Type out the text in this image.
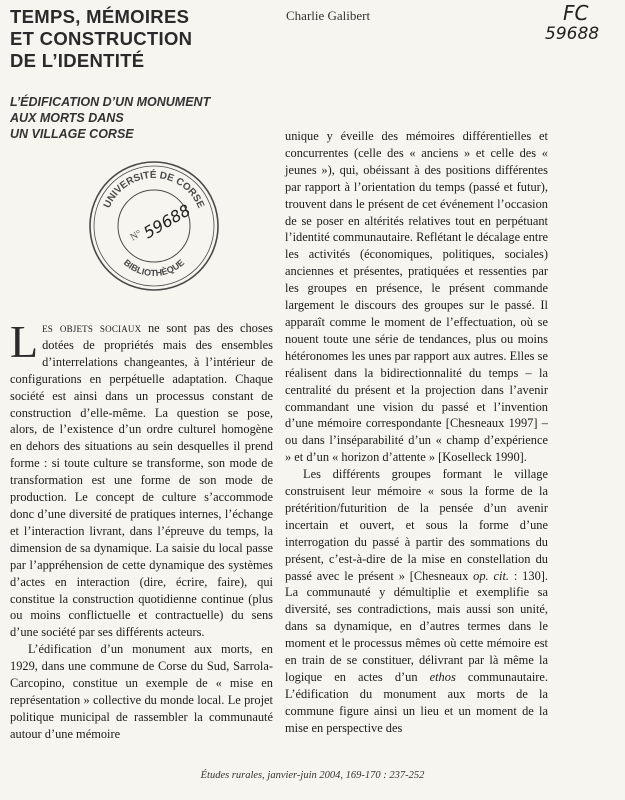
TEMPS, MÉMOIRES
ET CONSTRUCTION
DE L’IDENTITÉ
Charlie Galibert	FC
59688
L’ÉDIFICATION D’UN MONUMENT
AUX MORTS DANS
UN VILLAGE CORSE
UNIVERSITÉ DE CORSE
BIBLIOTHÈQUE
N°
59688

Les objets sociaux ne sont pas des choses dotées de propriétés mais des ensembles d’interrelations changeantes, à l’intérieur de configurations en perpétuelle adaptation. Chaque société est ainsi dans un processus constant de construction d’elle-même. La question se pose, alors, de l’existence d’un ordre culturel homogène en dehors des situations au sein desquelles il prend forme : si toute culture se transforme, son mode de transformation est une forme de son mode de production. Le concept de culture s’accommode donc d’une diversité de pratiques internes, l’échange et l’interaction livrant, dans l’épreuve du temps, la dimension de sa dynamique. La saisie du local passe par l’appréhension de cette dynamique des systèmes d’actes en interaction (dire, écrire, faire), qui constitue la construction quotidienne continue (plus ou moins conflictuelle et contractuelle) du sens d’une société par ses différents acteurs.

L’édification d’un monument aux morts, en 1929, dans une commune de Corse du Sud, Sarrola-Carcopino, constitue un exemple de « mise en représentation » collective du monde local. Le projet politique municipal de rassembler la communauté autour d’une mémoire

unique y éveille des mémoires différentielles et concurrentes (celle des « anciens » et celle des « jeunes »), qui, obéissant à des positions différentes par rapport à l’orientation du temps (passé et futur), trouvent dans le présent de cet événement l’occasion de se poser en altérités relatives tout en perpétuant l’identité communautaire. Reflétant le décalage entre les activités (économiques, politiques, sociales) anciennes et présentes, pratiquées et ressenties par les groupes en présence, le présent commande largement le discours des groupes sur le passé. Il apparaît comme le moment de l’effectuation, où se nouent toute une série de tendances, plus ou moins hétéronomes les unes par rapport aux autres. Elles se réalisent dans la bidirectionnalité du temps – la centralité du présent et la projection dans l’avenir commandant une vision du passé et l’invention d’une mémoire correspondante [Chesneaux 1997] – ou dans l’inséparabilité d’un « champ d’expérience » et d’un « horizon d’attente » [Koselleck 1990].

Les différents groupes formant le village construisent leur mémoire « sous la forme de la prétérition/futurition de la pensée d’un avenir incertain et ouvert, et sous la forme d’une interrogation du passé à partir des sommations du présent, c’est-à-dire de la mise en constellation du passé avec le présent » [Chesneaux op. cit. : 130]. La communauté y démultiplie et exemplifie sa diversité, ses contradictions, mais aussi son unité, dans sa dynamique, en d’autres termes dans le moment et le processus mêmes où cette mémoire est en train de se constituer, délivrant par là même la logique en actes d’un ethos communautaire. L’édification du monument aux morts de la commune figure ainsi un lieu et un moment de la mise en perspective des

Études rurales, janvier-juin 2004, 169-170 : 237-252
